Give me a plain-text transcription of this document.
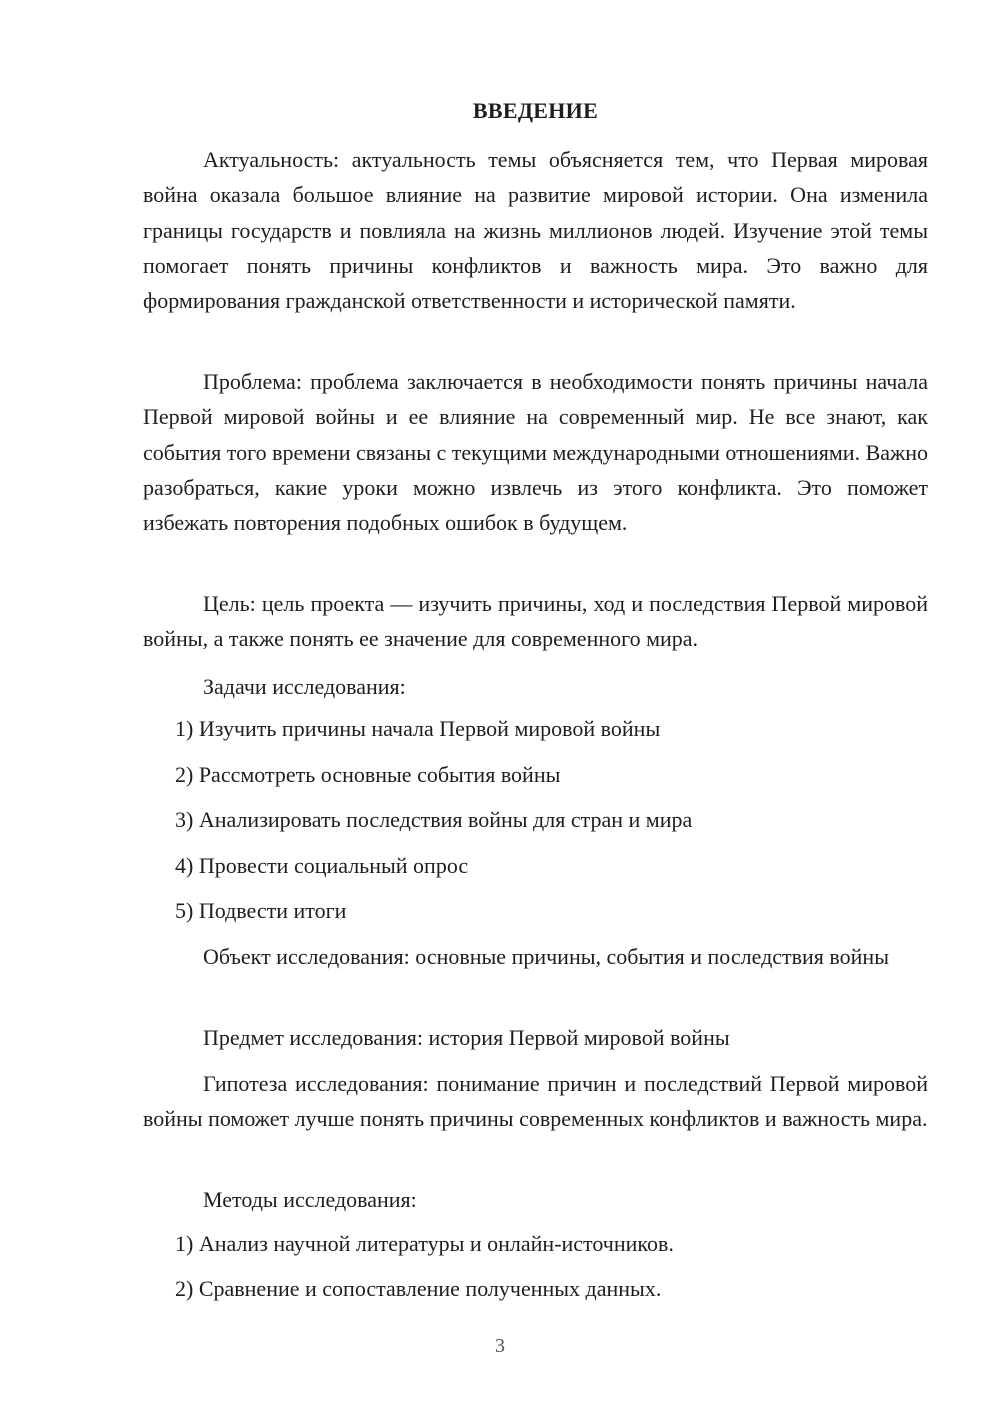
ВВЕДЕНИЕ

Актуальность: актуальность темы объясняется тем, что Первая мировая война оказала большое влияние на развитие мировой истории. Она изменила границы государств и повлияла на жизнь миллионов людей. Изучение этой темы помогает понять причины конфликтов и важность мира. Это важно для формирования гражданской ответственности и исторической памяти.

Проблема: проблема заключается в необходимости понять причины начала Первой мировой войны и ее влияние на современный мир. Не все знают, как события того времени связаны с текущими международными отношениями. Важно разобраться, какие уроки можно извлечь из этого конфликта. Это поможет избежать повторения подобных ошибок в будущем.

Цель: цель проекта — изучить причины, ход и последствия Первой мировой войны, а также понять ее значение для современного мира.

Задачи исследования:

1) Изучить причины начала Первой мировой войны

2) Рассмотреть основные события войны

3) Анализировать последствия войны для стран и мира

4) Провести социальный опрос

5) Подвести итоги

Объект исследования: основные причины, события и последствия войны

Предмет исследования: история Первой мировой войны

Гипотеза исследования: понимание причин и последствий Первой мировой войны поможет лучше понять причины современных конфликтов и важность мира.

Методы исследования:

1) Анализ научной литературы и онлайн-источников.

2) Сравнение и сопоставление полученных данных.

3
